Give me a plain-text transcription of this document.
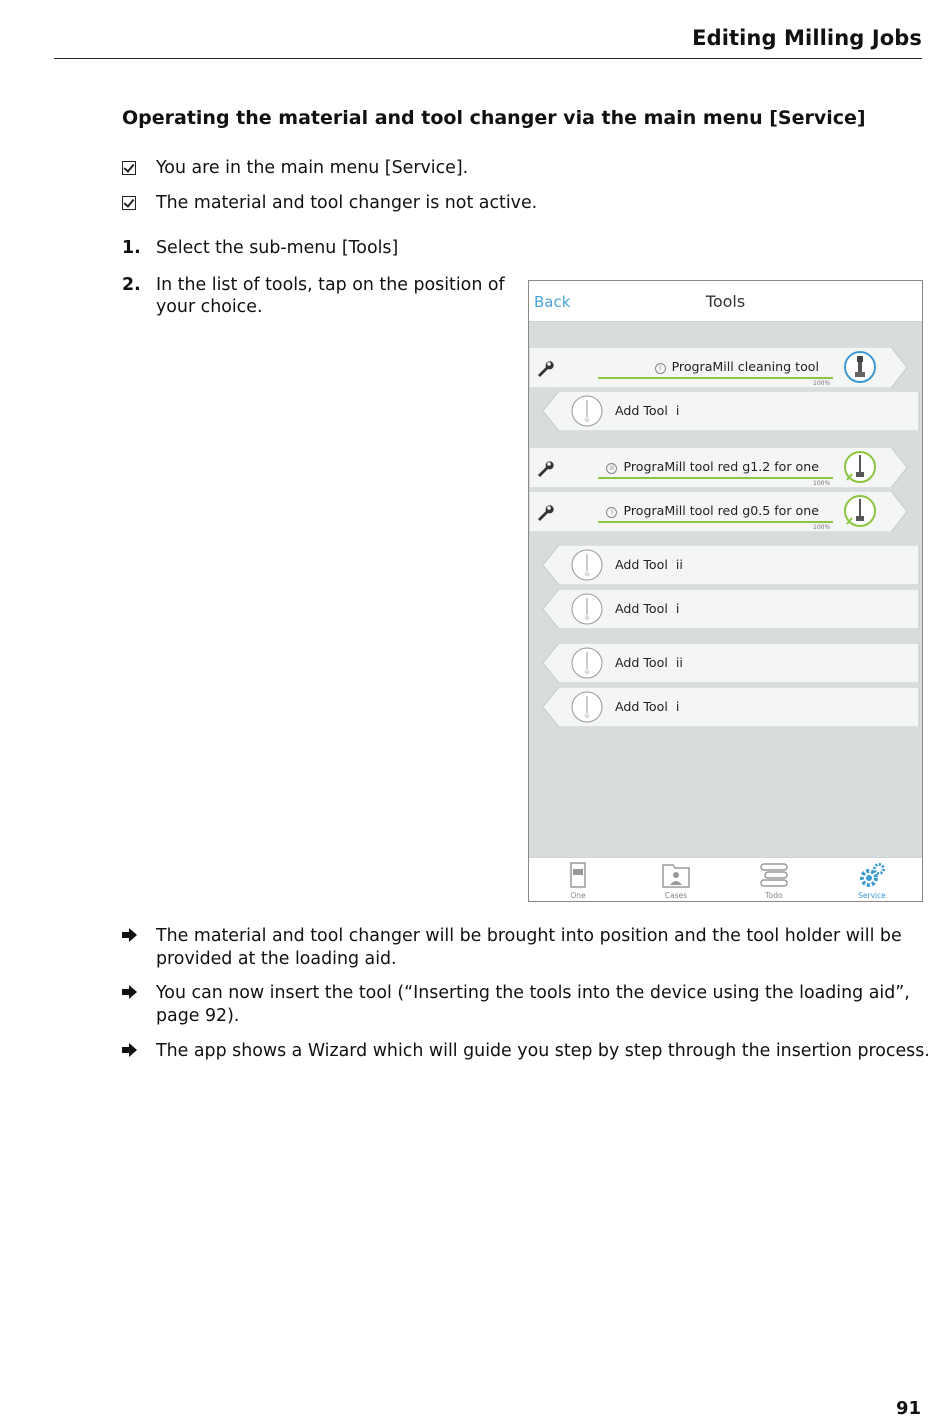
Editing Milling Jobs
Operating the material and tool changer via the main menu [Service]
You are in the main menu [Service].
The material and tool changer is not active.
1. Select the sub-menu [Tools]
2. In the list of tools, tap on the position of
your choice.	Back	Tools
i PrograMill cleaning tool
100%
Add Tool i
ii PrograMill tool red g1.2 for one
100%
i PrograMill tool red g0.5 for one
100%
Add Tool ii
Add Tool i
Add Tool ii
Add Tool i
One	Cases	Todo	Service
The material and tool changer will be brought into position and the tool holder will be
provided at the loading aid.
You can now insert the tool (“Inserting the tools into the device using the loading aid”,
page 92).
The app shows a Wizard which will guide you step by step through the insertion process.
91
